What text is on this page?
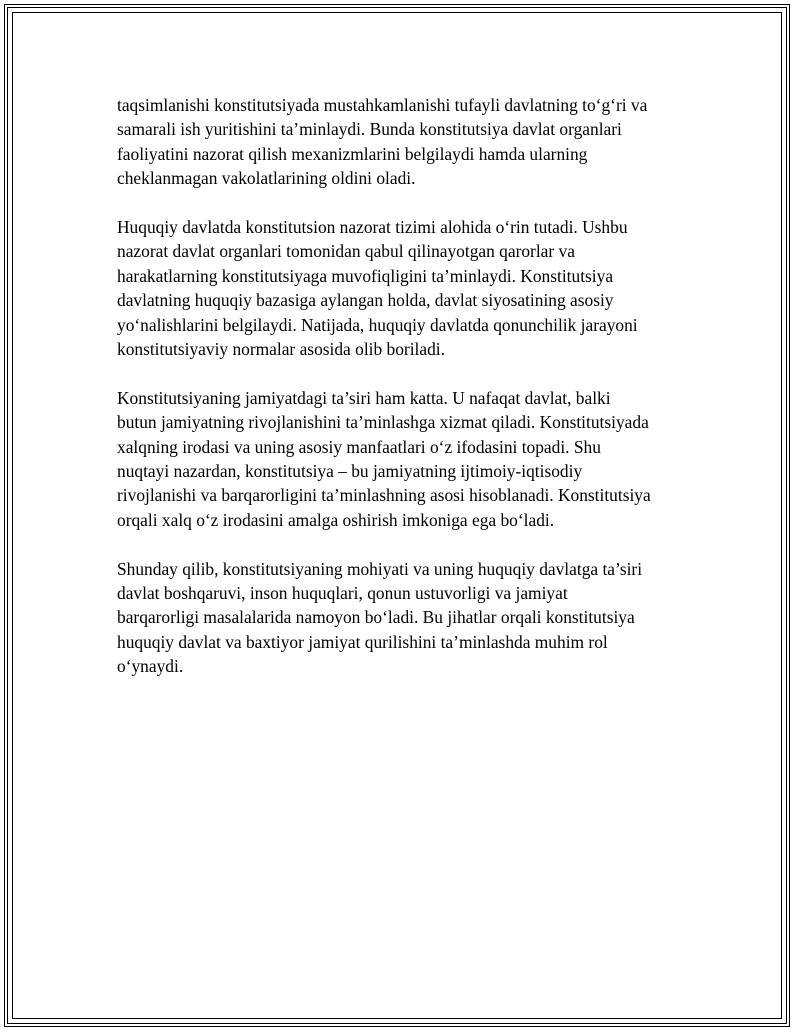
taqsimlanishi konstitutsiyada mustahkamlanishi tufayli davlatning to‘g‘ri va
samarali ish yuritishini ta’minlaydi. Bunda konstitutsiya davlat organlari
faoliyatini nazorat qilish mexanizmlarini belgilaydi hamda ularning
cheklanmagan vakolatlarining oldini oladi.

Huquqiy davlatda konstitutsion nazorat tizimi alohida o‘rin tutadi. Ushbu
nazorat davlat organlari tomonidan qabul qilinayotgan qarorlar va
harakatlarning konstitutsiyaga muvofiqligini ta’minlaydi. Konstitutsiya
davlatning huquqiy bazasiga aylangan holda, davlat siyosatining asosiy
yo‘nalishlarini belgilaydi. Natijada, huquqiy davlatda qonunchilik jarayoni
konstitutsiyaviy normalar asosida olib boriladi.

Konstitutsiyaning jamiyatdagi ta’siri ham katta. U nafaqat davlat, balki
butun jamiyatning rivojlanishini ta’minlashga xizmat qiladi. Konstitutsiyada
xalqning irodasi va uning asosiy manfaatlari o‘z ifodasini topadi. Shu
nuqtayi nazardan, konstitutsiya – bu jamiyatning ijtimoiy-iqtisodiy
rivojlanishi va barqarorligini ta’minlashning asosi hisoblanadi. Konstitutsiya
orqali xalq o‘z irodasini amalga oshirish imkoniga ega bo‘ladi.

Shunday qilib, konstitutsiyaning mohiyati va uning huquqiy davlatga ta’siri
davlat boshqaruvi, inson huquqlari, qonun ustuvorligi va jamiyat
barqarorligi masalalarida namoyon bo‘ladi. Bu jihatlar orqali konstitutsiya
huquqiy davlat va baxtiyor jamiyat qurilishini ta’minlashda muhim rol
o‘ynaydi.
